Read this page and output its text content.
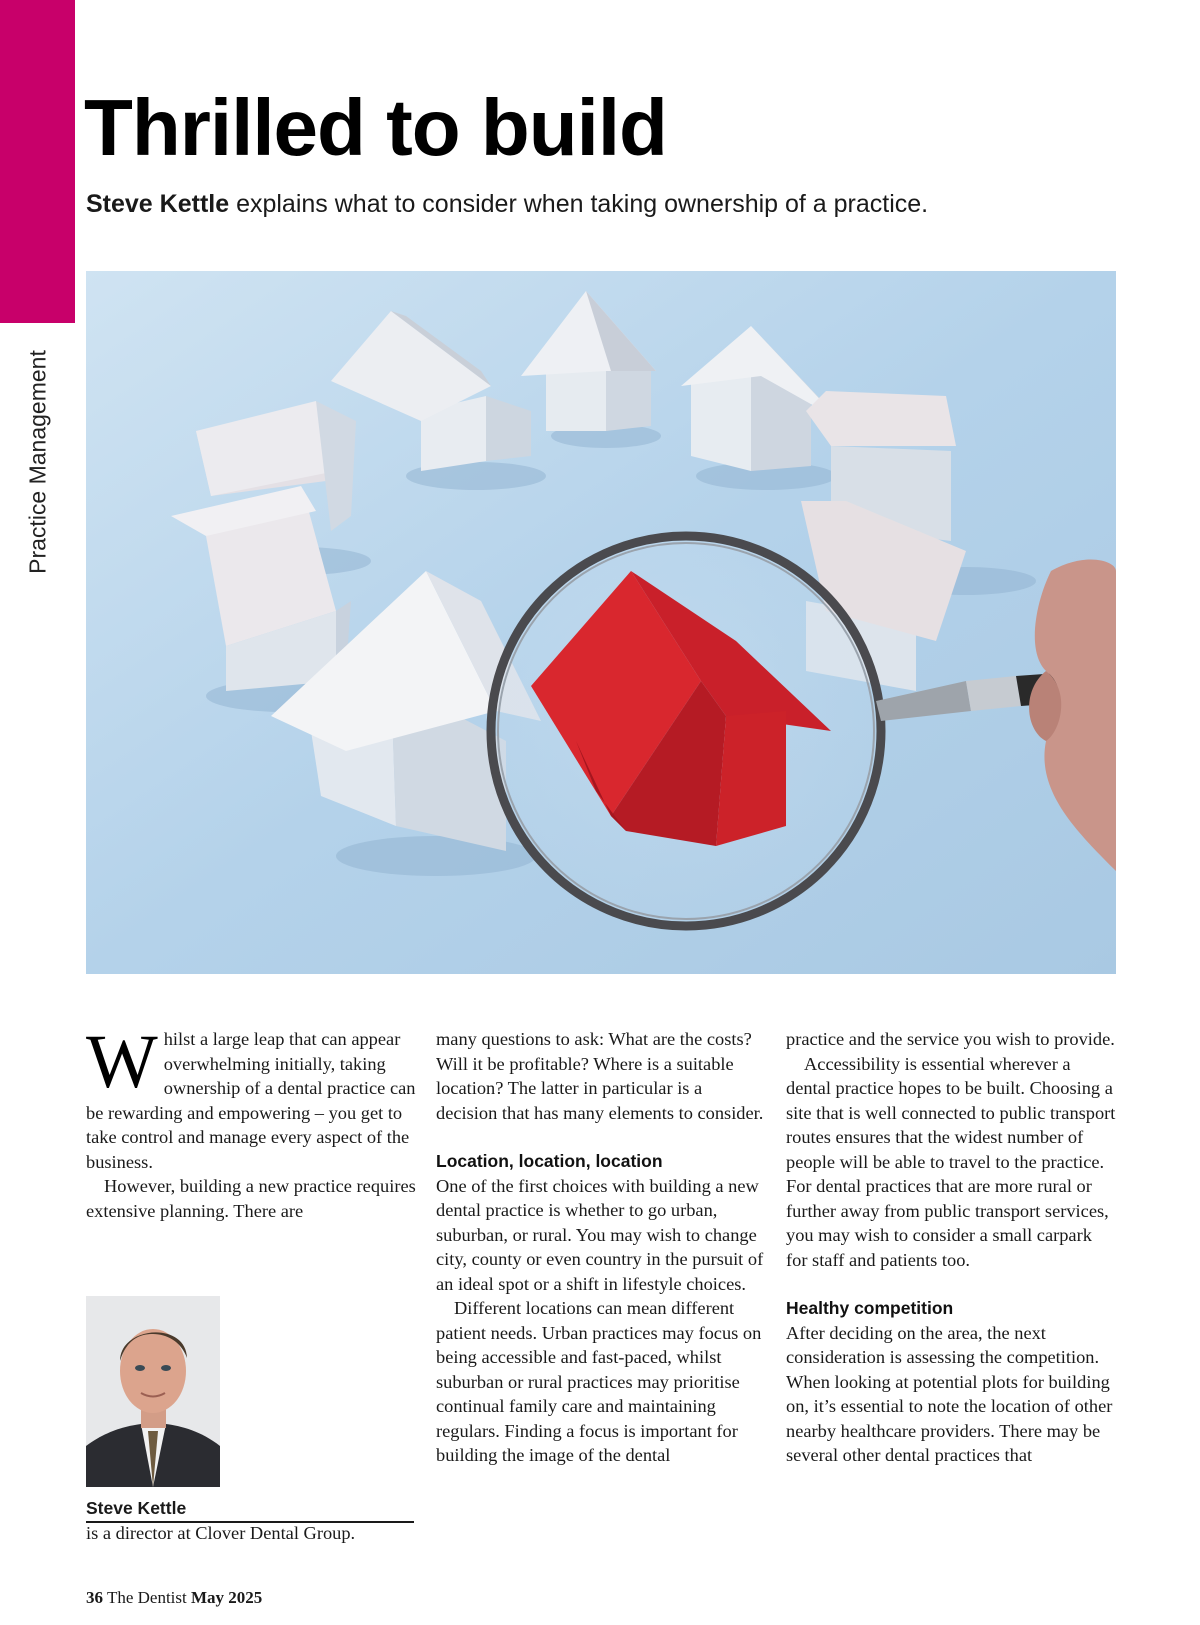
Practice Management
Thrilled to build

Steve Kettle explains what to consider when taking ownership of a practice.

W hilst a large leap that can appear overwhelming initially, taking ownership of a dental practice can be rewarding and empowering – you get to take control and manage every aspect of the business.

However, building a new practice requires extensive planning. There are

many questions to ask: What are the costs? Will it be profitable? Where is a suitable location? The latter in particular is a decision that has many elements to consider.

Location, location, location

One of the first choices with building a new dental practice is whether to go urban, suburban, or rural. You may wish to change city, county or even country in the pursuit of an ideal spot or a shift in lifestyle choices.

Different locations can mean different patient needs. Urban practices may focus on being accessible and fast-paced, whilst suburban or rural practices may prioritise continual family care and maintaining regulars. Finding a focus is important for building the image of the dental

practice and the service you wish to provide.

Accessibility is essential wherever a dental practice hopes to be built. Choosing a site that is well connected to public transport routes ensures that the widest number of people will be able to travel to the practice. For dental practices that are more rural or further away from public transport services, you may wish to consider a small carpark for staff and patients too.

Healthy competition

After deciding on the area, the next consideration is assessing the competition. When looking at potential plots for building on, it’s essential to note the location of other nearby healthcare providers. There may be several other dental practices that

Steve Kettle
is a director at Clover Dental Group.
36 The Dentist May 2025
